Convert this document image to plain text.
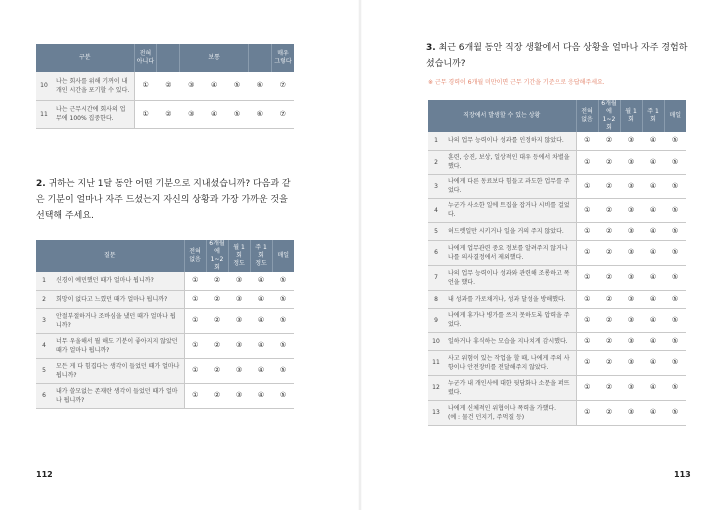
구분		전혀
아니다		보통				매우
그렇다
10	나는 회사를 위해 기꺼이 내 개인 시간을 포기할 수 있다.	①	②	③	④	⑤	⑥	⑦
11	나는 근무시간에 회사의 업무에 100% 집중한다.	①	②	③	④	⑤	⑥	⑦
2. 귀하는 지난 1달 동안 어떤 기분으로 지내셨습니까? 다음과 같은 기분이 얼마나 자주 드셨는지 자신의 상황과 가장 가까운 것을 선택해 주세요.
질문		전혀
없음	6개월에
1~2회	월 1회
정도	주 1회
정도	매일
1	신경이 예민했던 때가 얼마나 됩니까?	①	②	③	④	⑤
2	희망이 없다고 느꼈던 때가 얼마나 됩니까?	①	②	③	④	⑤
3	안절부절하거나 조바심을 냈던 때가 얼마나 됩니까?	①	②	③	④	⑤
4	너무 우울해서 뭘 해도 기분이 좋아지지 않았던 때가 얼마나 됩니까?	①	②	③	④	⑤
5	모든 게 다 힘겹다는 생각이 들었던 때가 얼마나 됩니까?	①	②	③	④	⑤
6	내가 쓸모없는 존재란 생각이 들었던 때가 얼마나 됩니까?	①	②	③	④	⑤
112
3. 최근 6개월 동안 직장 생활에서 다음 상황을 얼마나 자주 경험하셨습니까?
※ 근무 경력이 6개월 미만이면 근무 기간을 기준으로 응답해주세요.
직장에서 발생할 수 있는 상황		전혀
없음	6개월에
1~2회	월 1회	주 1회	매일
1	나의 업무 능력이나 성과를 인정하지 않았다.	①	②	③	④	⑤
2	훈련, 승진, 보상, 일상적인 대우 등에서 차별을 했다.	①	②	③	④	⑤
3	나에게 다른 동료보다 힘들고 과도한 업무를 주었다.	①	②	③	④	⑤
4	누군가 사소한 일에 트집을 잡거나 시비를 걸었다.	①	②	③	④	⑤
5	허드렛일만 시키거나 일을 거의 주지 않았다.	①	②	③	④	⑤
6	나에게 업무관련 중요 정보를 알려주지 않거나 나를 의사결정에서 제외했다.	①	②	③	④	⑤
7	나의 업무 능력이나 성과와 관련해 조롱하고 폭언을 했다.	①	②	③	④	⑤
8	내 성과를 가로채거나, 성과 달성을 방해했다.	①	②	③	④	⑤
9	나에게 휴가나 병가를 쓰지 못하도록 압력을 주었다.	①	②	③	④	⑤
10	일하거나 휴식하는 모습을 지나치게 감시했다.	①	②	③	④	⑤
11	사고 위험이 있는 작업을 할 때, 나에게 주의 사항이나 안전장비를 전달해주지 않았다.	①	②	③	④	⑤
12	누군가 내 개인사에 대한 뒷담화나 소문을 퍼뜨렸다.	①	②	③	④	⑤
13	나에게 신체적인 위협이나 폭력을 가했다.
(예 : 물건 던지기, 주먹질 등)	①	②	③	④	⑤
113
